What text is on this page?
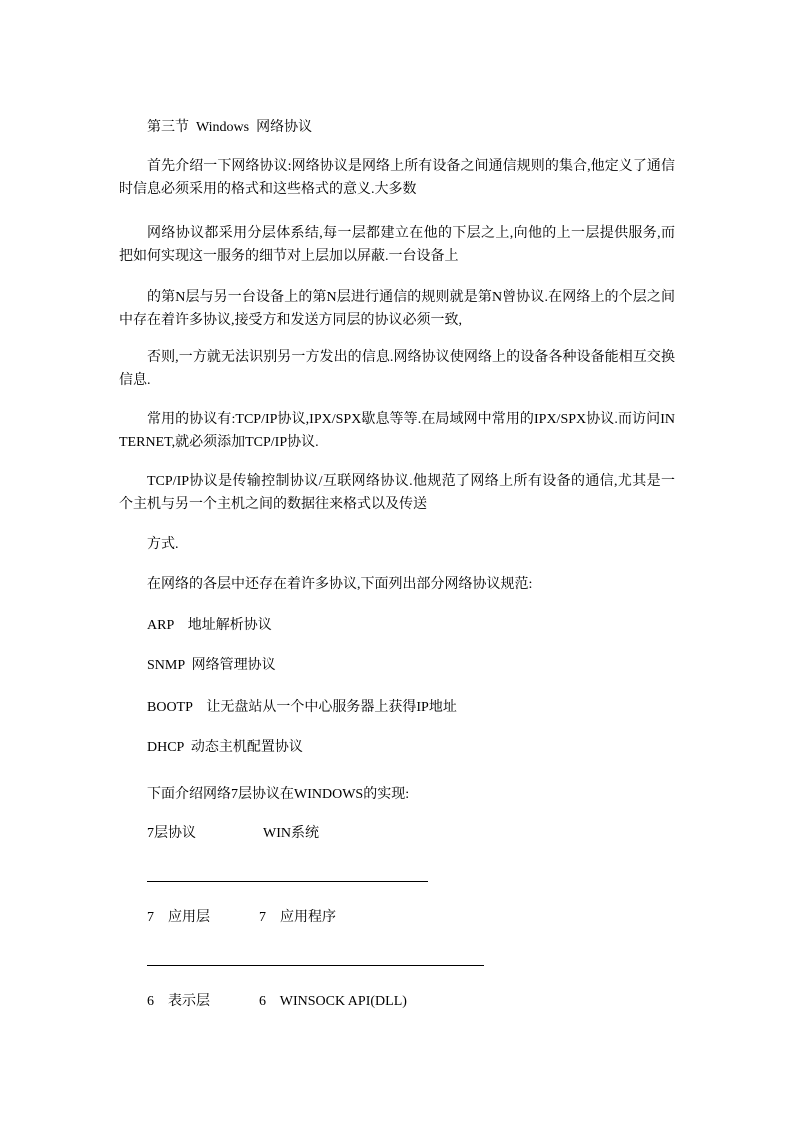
第三节  Windows  网络协议

首先介绍一下网络协议:网络协议是网络上所有设备之间通信规则的集合,他定义了通信时信息必须采用的格式和这些格式的意义.大多数

网络协议都采用分层体系结,每一层都建立在他的下层之上,向他的上一层提供服务,而把如何实现这一服务的细节对上层加以屏蔽.一台设备上

的第N层与另一台设备上的第N层进行通信的规则就是第N曾协议.在网络上的个层之间中存在着许多协议,接受方和发送方同层的协议必须一致,

否则,一方就无法识别另一方发出的信息.网络协议使网络上的设备各种设备能相互交换信息.

常用的协议有:TCP/IP协议,IPX/SPX歇息等等.在局域网中常用的IPX/SPX协议.而访问INTERNET,就必须添加TCP/IP协议.

TCP/IP协议是传输控制协议/互联网络协议.他规范了网络上所有设备的通信,尤其是一个主机与另一个主机之间的数据往来格式以及传送

方式.

在网络的各层中还存在着许多协议,下面列出部分网络协议规范:

ARP    地址解析协议

SNMP  网络管理协议

BOOTP    让无盘站从一个中心服务器上获得IP地址

DHCP  动态主机配置协议

下面介绍网络7层协议在WINDOWS的实现:

7层协议	WIN系统

7    应用层	7    应用程序

6    表示层	6    WINSOCK API(DLL)
